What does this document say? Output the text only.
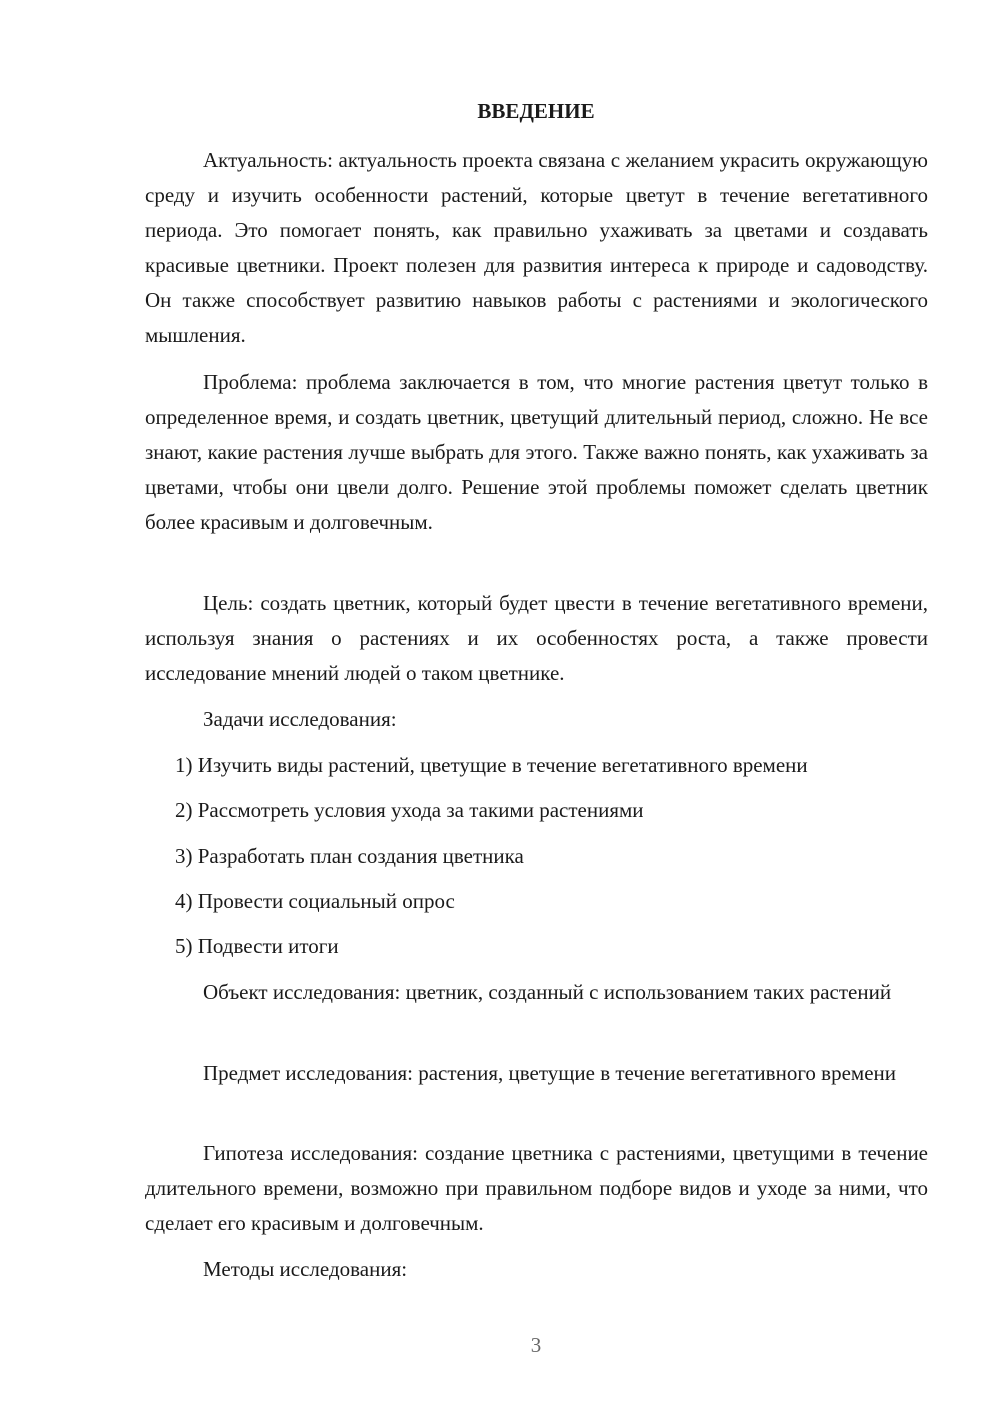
ВВЕДЕНИЕ

Актуальность: актуальность проекта связана с желанием украсить окружающую среду и изучить особенности растений, которые цветут в течение вегетативного периода. Это помогает понять, как правильно ухаживать за цветами и создавать красивые цветники. Проект полезен для развития интереса к природе и садоводству. Он также способствует развитию навыков работы с растениями и экологического мышления.

Проблема: проблема заключается в том, что многие растения цветут только в определенное время, и создать цветник, цветущий длительный период, сложно. Не все знают, какие растения лучше выбрать для этого. Также важно понять, как ухаживать за цветами, чтобы они цвели долго. Решение этой проблемы поможет сделать цветник более красивым и долговечным.

Цель: создать цветник, который будет цвести в течение вегетативного времени, используя знания о растениях и их особенностях роста, а также провести исследование мнений людей о таком цветнике.

Задачи исследования:

1) Изучить виды растений, цветущие в течение вегетативного времени
2) Рассмотреть условия ухода за такими растениями
3) Разработать план создания цветника
4) Провести социальный опрос
5) Подвести итоги

Объект исследования: цветник, созданный с использованием таких растений

Предмет исследования: растения, цветущие в течение вегетативного времени

Гипотеза исследования: создание цветника с растениями, цветущими в течение длительного времени, возможно при правильном подборе видов и уходе за ними, что сделает его красивым и долговечным.

Методы исследования:

3
